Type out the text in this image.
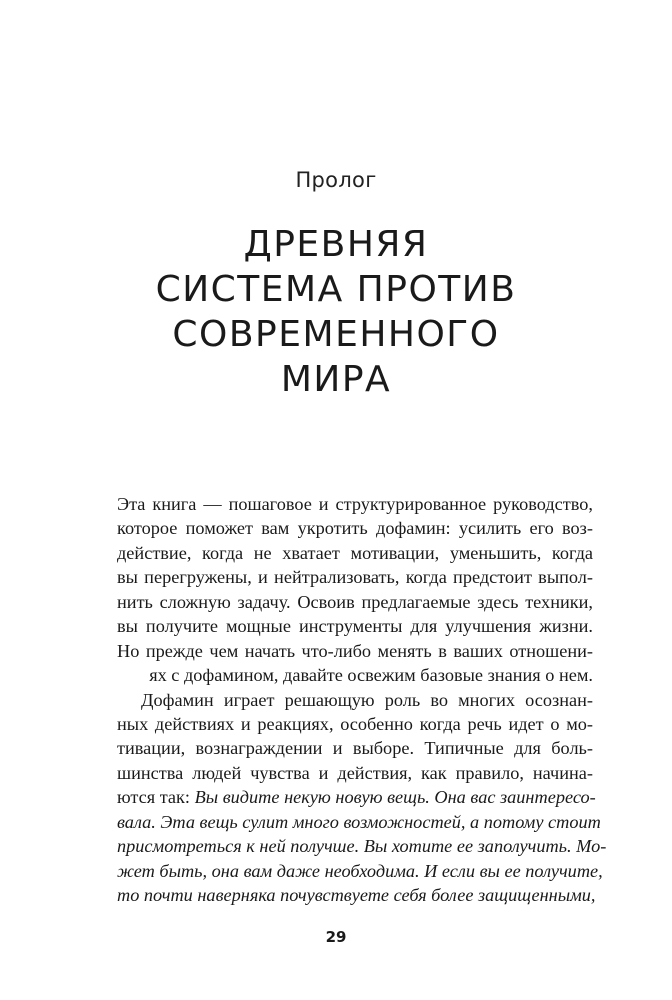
Пролог
ДРЕВНЯЯ
СИСТЕМА ПРОТИВ
СОВРЕМЕННОГО
МИРА
Эта книга — пошаговое и структурированное руководство,
которое поможет вам укротить дофамин: усилить его воз-
действие, когда не хватает мотивации, уменьшить, когда
вы перегружены, и нейтрализовать, когда предстоит выпол-
нить сложную задачу. Освоив предлагаемые здесь техники,
вы получите мощные инструменты для улучшения жизни.
Но прежде чем начать что-либо менять в ваших отношени-
ях с дофамином, давайте освежим базовые знания о нем.
Дофамин играет решающую роль во многих осознан-
ных действиях и реакциях, особенно когда речь идет о мо-
тивации, вознаграждении и выборе. Типичные для боль-
шинства людей чувства и действия, как правило, начина-
ются так: Вы видите некую новую вещь. Она вас заинтересо-
вала. Эта вещь сулит много возможностей, а потому стоит
присмотреться к ней получше. Вы хотите ее заполучить. Мо-
жет быть, она вам даже необходима. И если вы ее получите,
то почти наверняка почувствуете себя более защищенными,
29
